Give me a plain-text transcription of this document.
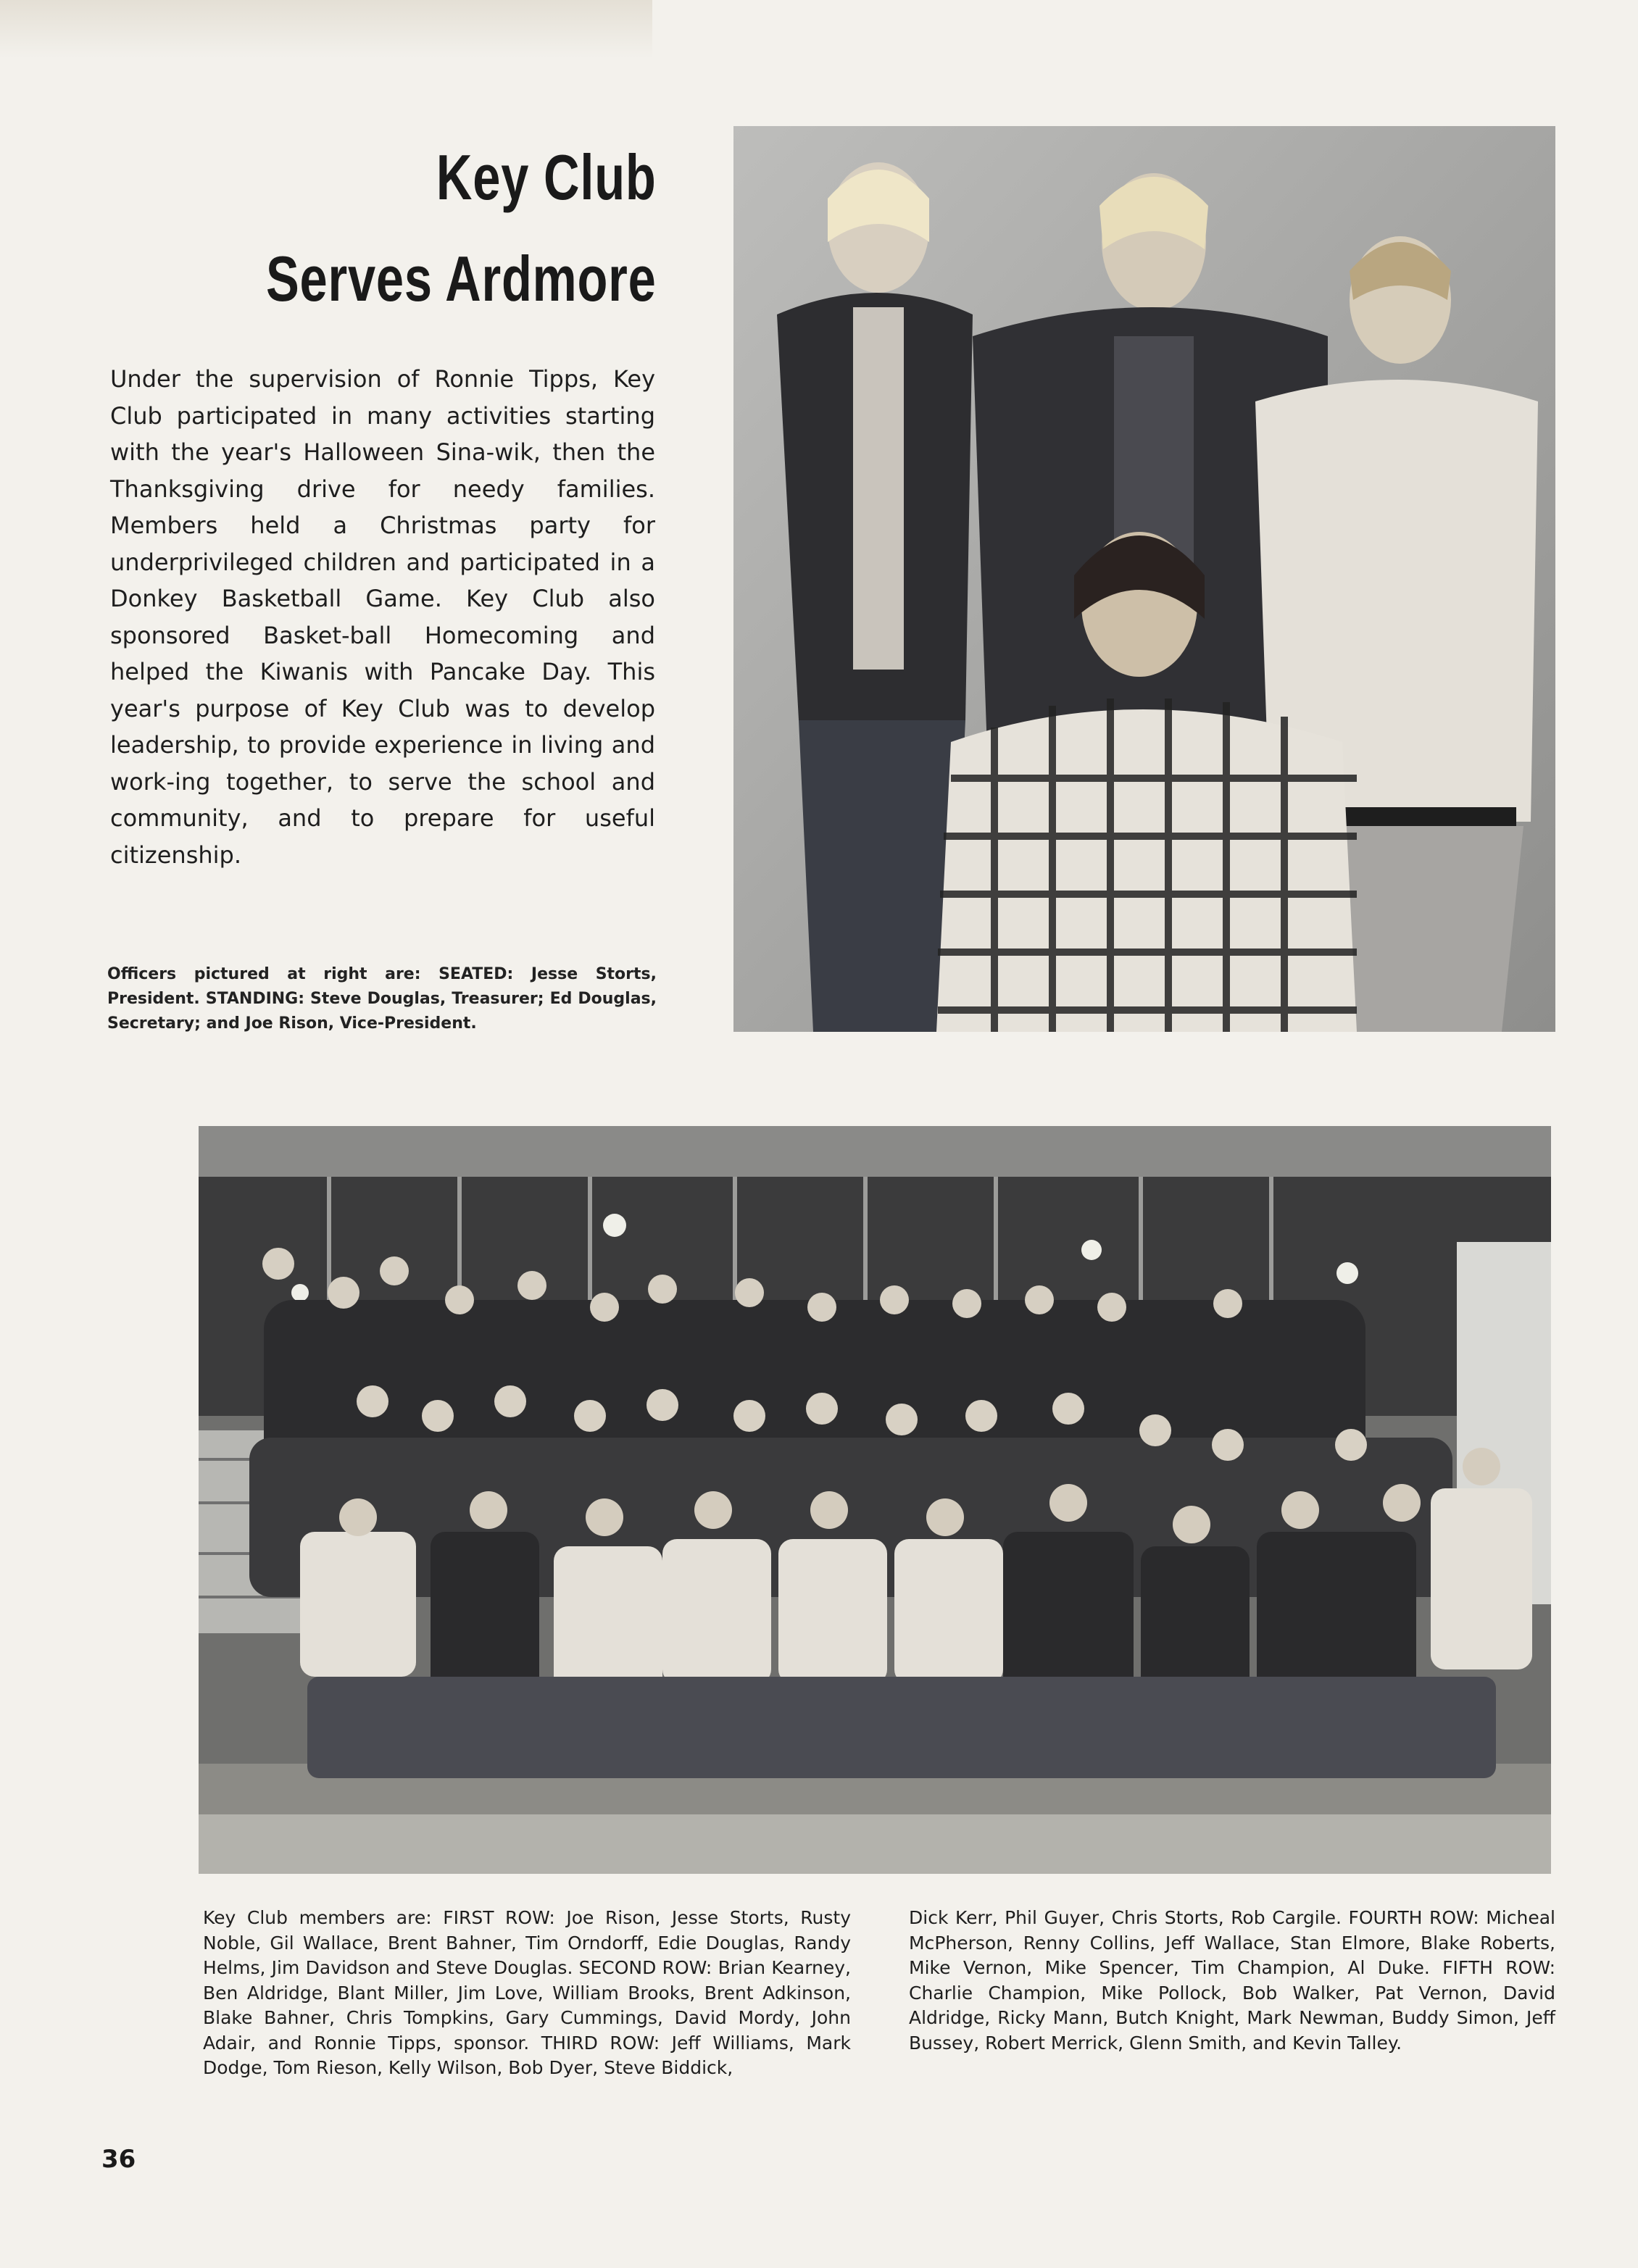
Key Club
Serves Ardmore
Under the supervision of Ronnie Tipps, Key Club participated in many activities starting with the year's Halloween Sina-wik, then the Thanksgiving drive for needy families. Members held a Christmas party for underprivileged children and participated in a Donkey Basketball Game. Key Club also sponsored Basket-ball Homecoming and helped the Kiwanis with Pancake Day. This year's purpose of Key Club was to develop leadership, to provide experience in living and work-ing together, to serve the school and community, and to prepare for useful citizenship.
Officers pictured at right are: SEATED: Jesse Storts, President. STANDING: Steve Douglas, Treasurer; Ed Douglas, Secretary; and Joe Rison, Vice-President.
Key Club members are: FIRST ROW: Joe Rison, Jesse Storts, Rusty Noble, Gil Wallace, Brent Bahner, Tim Orndorff, Edie Douglas, Randy Helms, Jim Davidson and Steve Douglas. SECOND ROW: Brian Kearney, Ben Aldridge, Blant Miller, Jim Love, William Brooks, Brent Adkinson, Blake Bahner, Chris Tompkins, Gary Cummings, David Mordy, John Adair, and Ronnie Tipps, sponsor. THIRD ROW: Jeff Williams, Mark Dodge, Tom Rieson, Kelly Wilson, Bob Dyer, Steve Biddick,
Dick Kerr, Phil Guyer, Chris Storts, Rob Cargile. FOURTH ROW: Micheal McPherson, Renny Collins, Jeff Wallace, Stan Elmore, Blake Roberts, Mike Vernon, Mike Spencer, Tim Champion, Al Duke. FIFTH ROW: Charlie Champion, Mike Pollock, Bob Walker, Pat Vernon, David Aldridge, Ricky Mann, Butch Knight, Mark Newman, Buddy Simon, Jeff Bussey, Robert Merrick, Glenn Smith, and Kevin Talley.
36
